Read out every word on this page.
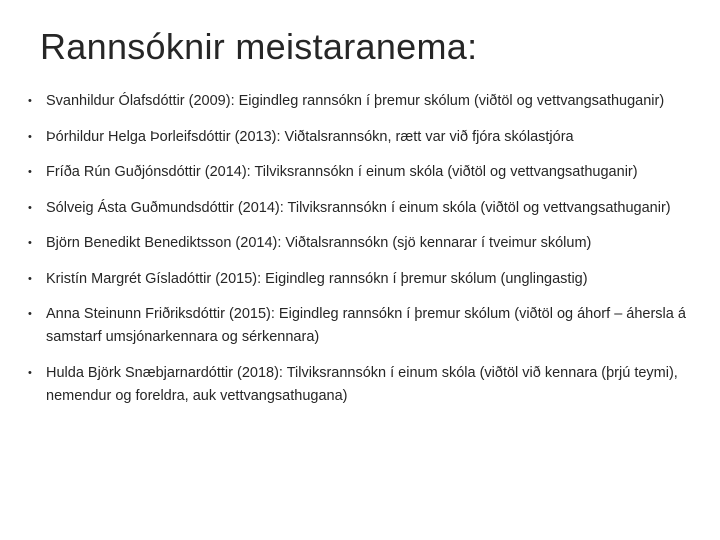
Rannsóknir meistaranema:
• Svanhildur Ólafsdóttir (2009): Eigindleg rannsókn í þremur skólum (viðtöl og vettvangsathuganir)
• Þórhildur Helga Þorleifsdóttir (2013): Viðtalsrannsókn, rætt var við fjóra skólastjóra
• Fríða Rún Guðjónsdóttir (2014): Tilviksrannsókn í einum skóla (viðtöl og vettvangsathuganir)
• Sólveig Ásta Guðmundsdóttir (2014): Tilviksrannsókn í einum skóla (viðtöl og vettvangsathuganir)
• Björn Benedikt Benediktsson (2014): Viðtalsrannsókn (sjö kennarar í tveimur skólum)
• Kristín Margrét Gísladóttir (2015): Eigindleg rannsókn í þremur skólum (unglingastig)
• Anna Steinunn Friðriksdóttir (2015): Eigindleg rannsókn í þremur skólum (viðtöl og áhorf – áhersla á samstarf umsjónarkennara og sérkennara)
• Hulda Björk Snæbjarnardóttir (2018): Tilviksrannsókn í einum skóla (viðtöl við kennara (þrjú teymi), nemendur og foreldra, auk vettvangsathugana)
